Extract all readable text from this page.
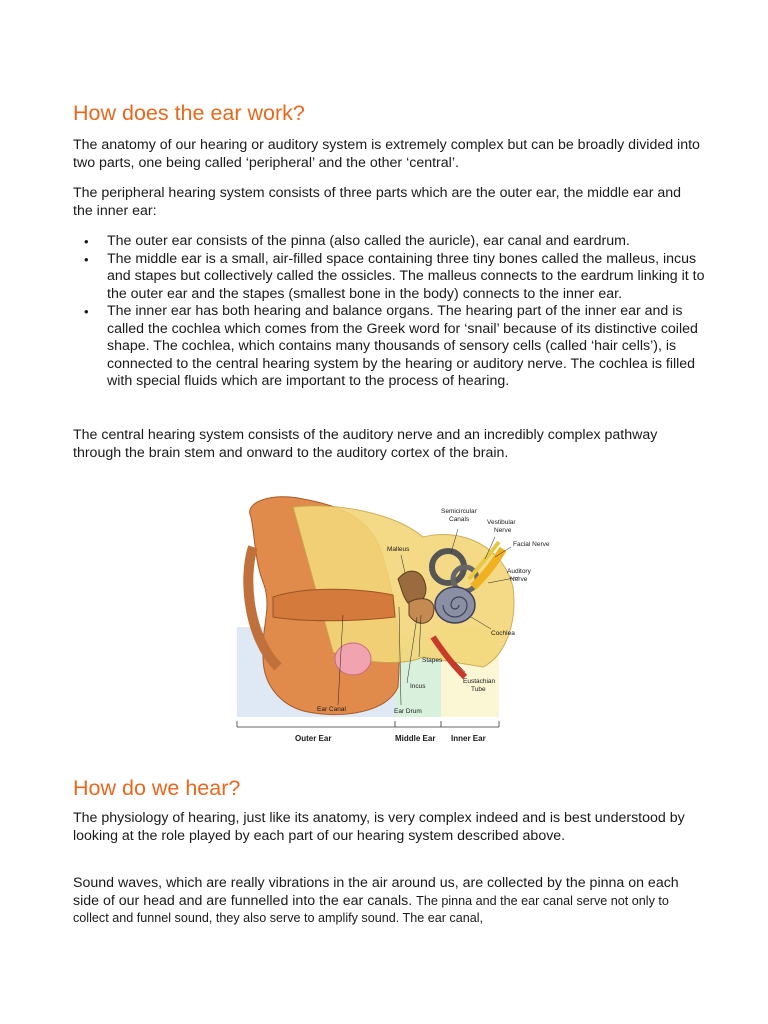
How does the ear work?

The anatomy of our hearing or auditory system is extremely complex but can be broadly divided into two parts, one being called ‘peripheral’ and the other ‘central’.

The peripheral hearing system consists of three parts which are the outer ear, the middle ear and the inner ear:

• The outer ear consists of the pinna (also called the auricle), ear canal and eardrum.
• The middle ear is a small, air-filled space containing three tiny bones called the malleus, incus and stapes but collectively called the ossicles. The malleus connects to the eardrum linking it to the outer ear and the stapes (smallest bone in the body) connects to the inner ear.
• The inner ear has both hearing and balance organs. The hearing part of the inner ear and is called the cochlea which comes from the Greek word for ‘snail’ because of its distinctive coiled shape. The cochlea, which contains many thousands of sensory cells (called ‘hair cells’), is connected to the central hearing system by the hearing or auditory nerve. The cochlea is filled with special fluids which are important to the process of hearing.

The central hearing system consists of the auditory nerve and an incredibly complex pathway through the brain stem and onward to the auditory cortex of the brain.

How do we hear?

The physiology of hearing, just like its anatomy, is very complex indeed and is best understood by looking at the role played by each part of our hearing system described above.

Sound waves, which are really vibrations in the air around us, are collected by the pinna on each side of our head and are funnelled into the ear canals. The pinna and the ear canal serve not only to collect and funnel sound, they also serve to amplify sound. The ear canal,

Semicircular
Canals	Vestibular
Nerve
Facial Nerve
Auditory
Nerve
Malleus
Cochlea
Stapes
Eustachian
Tube
Incus
Ear Canal	Ear Drum
Outer Ear	Middle Ear Inner Ear
